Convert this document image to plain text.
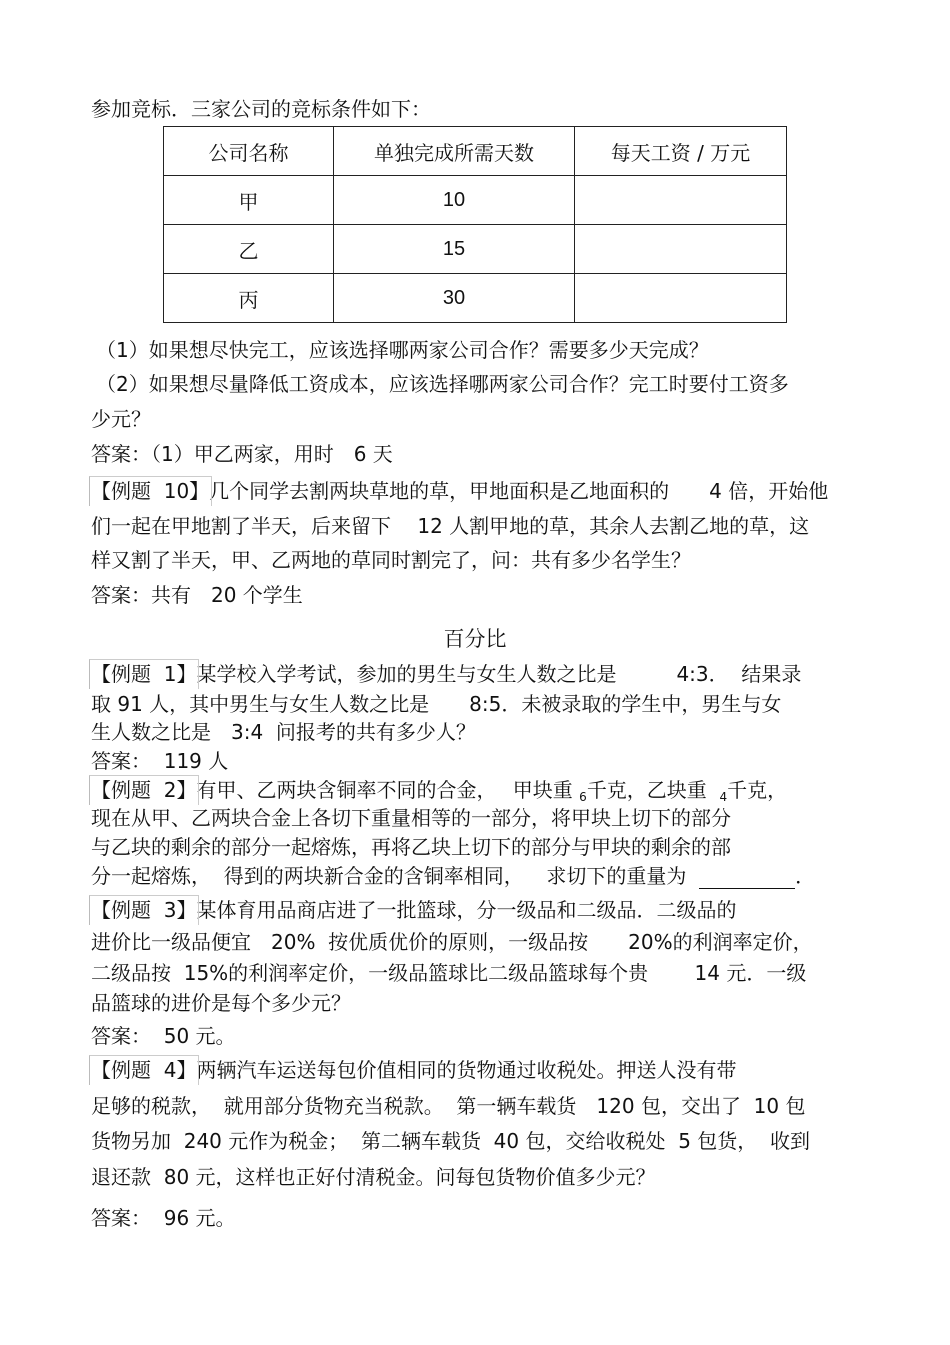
参加竞标．三家公司的竞标条件如下：
公司名称	单独完成所需天数	每天工资 / 万元
甲	10	
乙	15	
丙	30	
（1）如果想尽快完工，应该选择哪两家公司合作？需要多少天完成？
（2）如果想尽量降低工资成本，应该选择哪两家公司合作？完工时要付工资多
少元？
答案：（1）甲乙两家，用时　6 天
【例题  10】几个同学去割两块草地的草，甲地面积是乙地面积的　　4 倍，开始他
们一起在甲地割了半天，后来留下　 12 人割甲地的草，其余人去割乙地的草，这
样又割了半天，甲、乙两地的草同时割完了，问：共有多少名学生？
答案：共有　20 个学生
百分比
【例题  1】某学校入学考试，参加的男生与女生人数之比是　　　4:3．  结果录
取 91 人，其中男生与女生人数之比是　　8:5．未被录取的学生中，男生与女
生人数之比是　3:4  问报考的共有多少人？
答案：  119 人
【例题  2】有甲、乙两块含铜率不同的合金，　 甲块重 $_6$千克，乙块重  $_4$千克，
现在从甲、乙两块合金上各切下重量相等的一部分，将甲块上切下的部分
与乙块的剩余的部分一起熔炼，再将乙块上切下的部分与甲块的剩余的部
分一起熔炼，  得到的两块新合金的含铜率相同，　  求切下的重量为	．
【例题  3】某体育用品商店进了一批篮球，分一级品和二级品．二级品的
进价比一级品便宜　20%  按优质优价的原则，一级品按　　20%的利润率定价，
二级品按  15%的利润率定价，一级品篮球比二级品篮球每个贵　　 14 元．一级
品篮球的进价是每个多少元？
答案：  50 元。
【例题  4】两辆汽车运送每包价值相同的货物通过收税处。押送人没有带
足够的税款，  就用部分货物充当税款。  第一辆车载货　120 包，交出了  10 包
货物另加  240 元作为税金；  第二辆车载货  40 包，交给收税处  5 包货，  收到
退还款  80 元，这样也正好付清税金。问每包货物价值多少元？
答案：  96 元。
